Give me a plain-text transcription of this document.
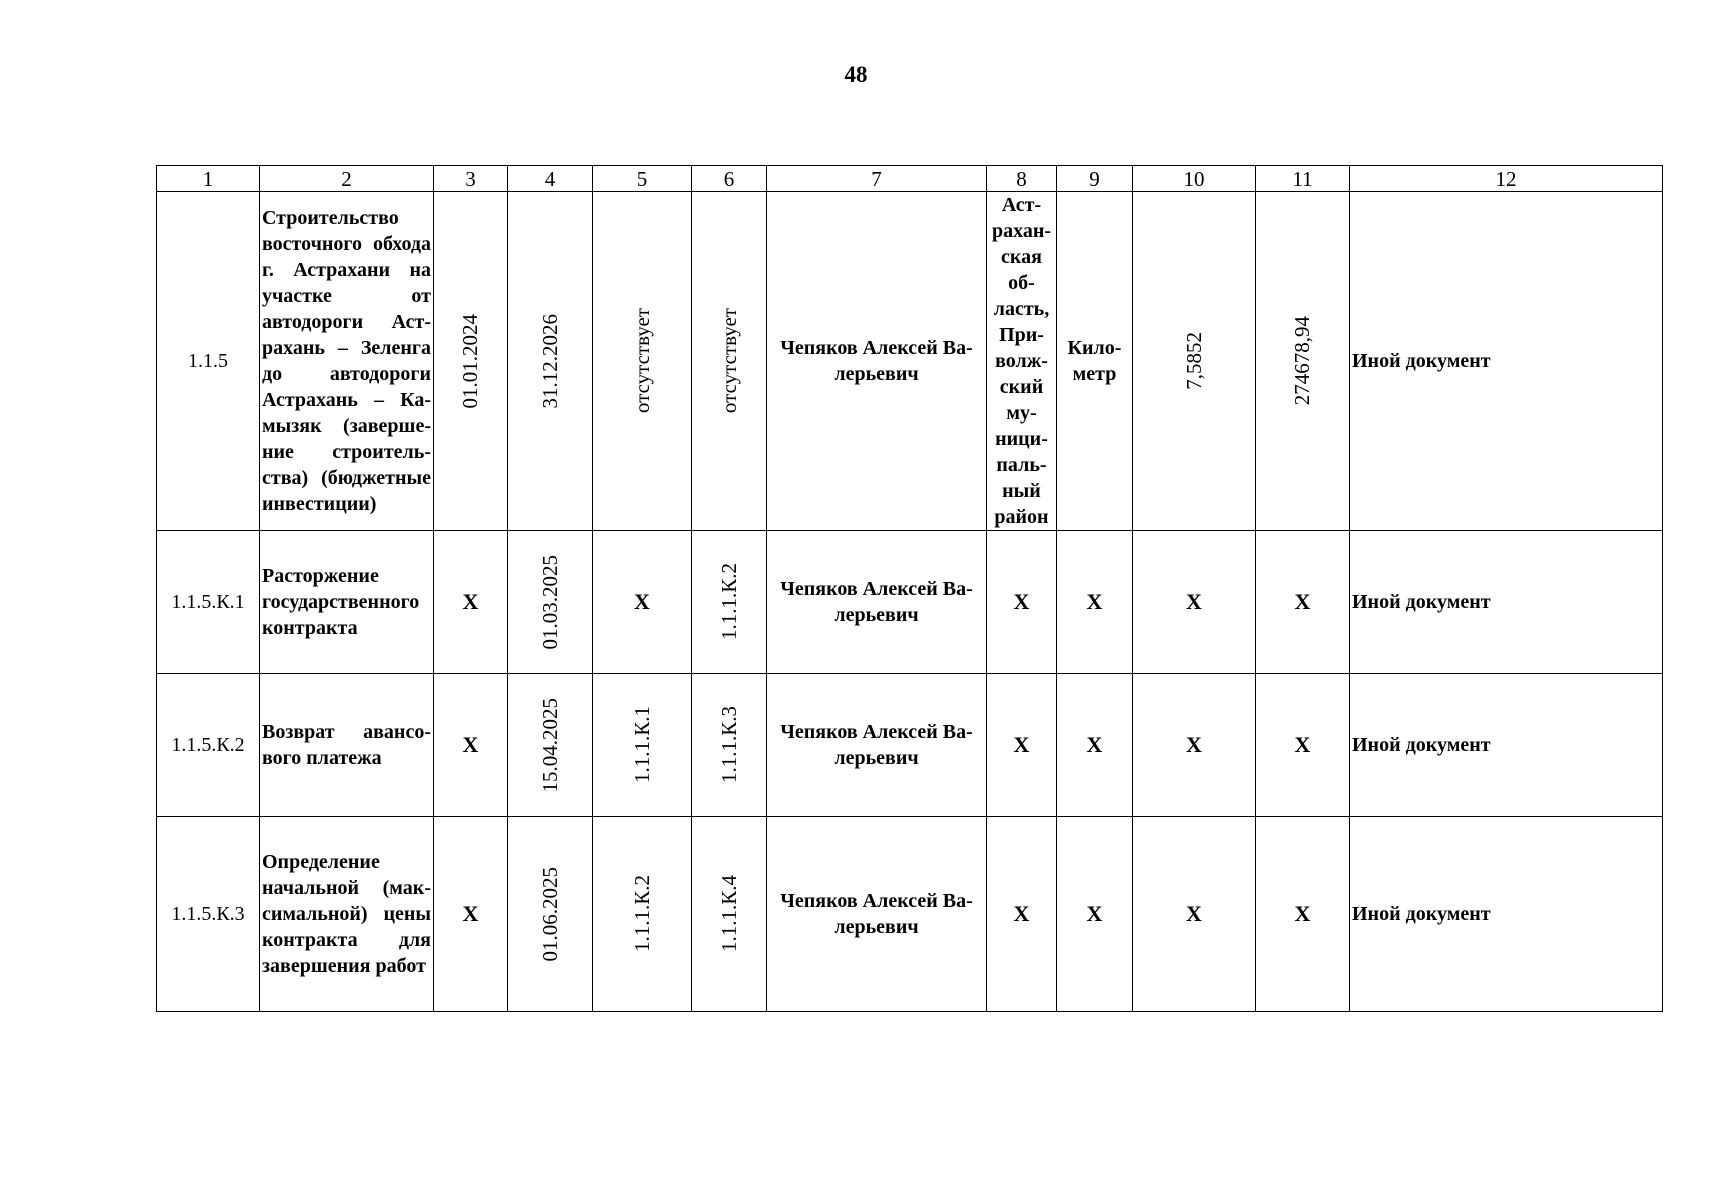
48
1	2	3	4	5	6	7	8	9	10	11	12
1.1.5	Строительство восточного обхода г. Астрахани на участке от автодороги Астрахань – Зеленга до автодороги Астрахань – Камызяк (завершение строительства) (бюджетные инвестиции)	01.01.2024	31.12.2026	отсутствует	отсутствует	Чепяков Алексей Валерьевич	Астраханская область, Приволжский муниципальный район	Километр	7,5852	274678,94	Иной документ
1.1.5.К.1	Расторжение государственного контракта	X	01.03.2025	X	1.1.1.К.2	Чепяков Алексей Валерьевич	X	X	X	X	Иной документ
1.1.5.К.2	Возврат авансового платежа	X	15.04.2025	1.1.1.К.1	1.1.1.К.3	Чепяков Алексей Валерьевич	X	X	X	X	Иной документ
1.1.5.К.3	Определение начальной (максимальной) цены контракта для завершения работ	X	01.06.2025	1.1.1.К.2	1.1.1.К.4	Чепяков Алексей Валерьевич	X	X	X	X	Иной документ
